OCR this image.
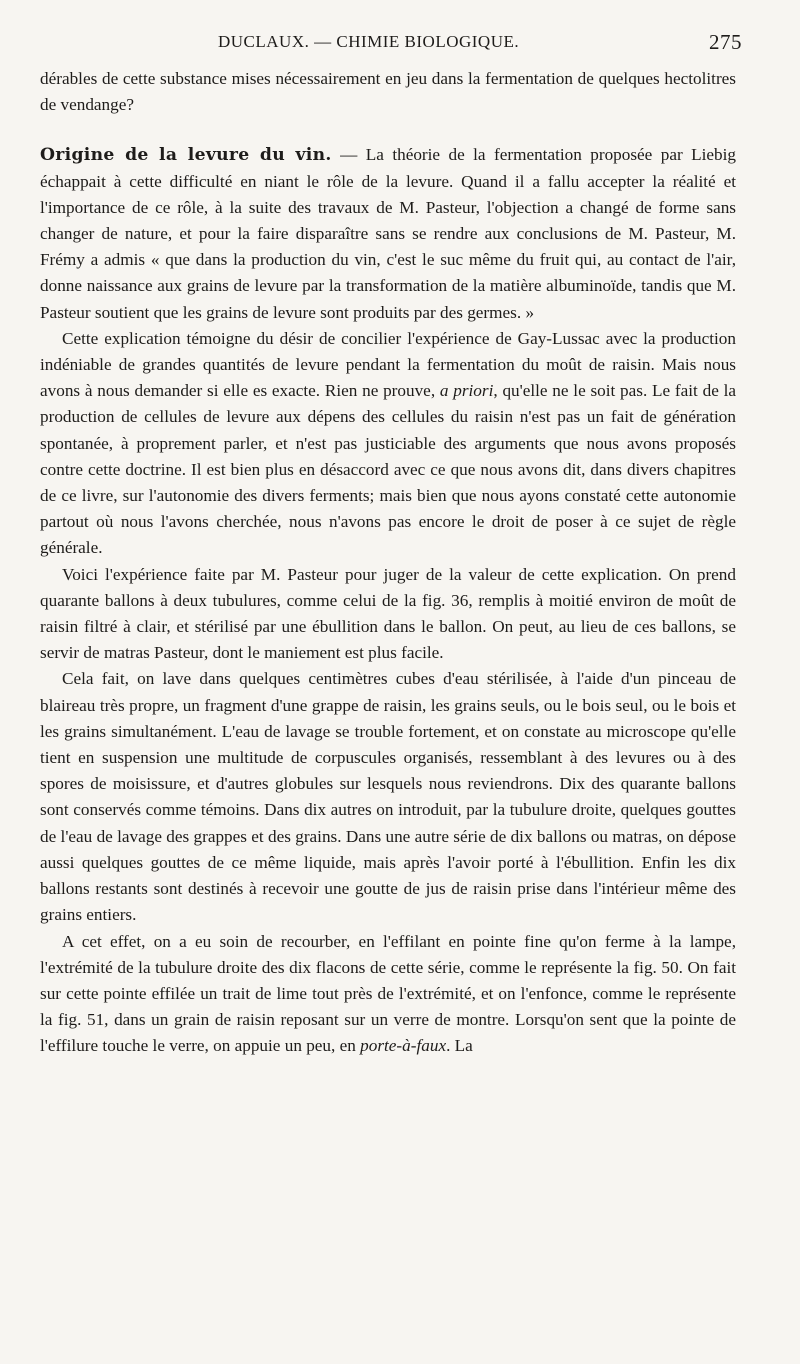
DUCLAUX. — CHIMIE BIOLOGIQUE.	275

dérables de cette substance mises nécessairement en jeu dans la fermentation de quelques hectolitres de vendange?

Origine de la levure du vin. — La théorie de la fermentation proposée par Liebig échappait à cette difficulté en niant le rôle de la levure. Quand il a fallu accepter la réalité et l'importance de ce rôle, à la suite des travaux de M. Pasteur, l'objection a changé de forme sans changer de nature, et pour la faire disparaître sans se rendre aux conclusions de M. Pasteur, M. Frémy a admis « que dans la production du vin, c'est le suc même du fruit qui, au contact de l'air, donne naissance aux grains de levure par la transformation de la matière albuminoïde, tandis que M. Pasteur soutient que les grains de levure sont produits par des germes. »

Cette explication témoigne du désir de concilier l'expérience de Gay-Lussac avec la production indéniable de grandes quantités de levure pendant la fermentation du moût de raisin. Mais nous avons à nous demander si elle es exacte. Rien ne prouve, a priori, qu'elle ne le soit pas. Le fait de la production de cellules de levure aux dépens des cellules du raisin n'est pas un fait de génération spontanée, à proprement parler, et n'est pas justiciable des arguments que nous avons proposés contre cette doctrine. Il est bien plus en désaccord avec ce que nous avons dit, dans divers chapitres de ce livre, sur l'autonomie des divers ferments; mais bien que nous ayons constaté cette autonomie partout où nous l'avons cherchée, nous n'avons pas encore le droit de poser à ce sujet de règle générale.

Voici l'expérience faite par M. Pasteur pour juger de la valeur de cette explication. On prend quarante ballons à deux tubulures, comme celui de la fig. 36, remplis à moitié environ de moût de raisin filtré à clair, et stérilisé par une ébullition dans le ballon. On peut, au lieu de ces ballons, se servir de matras Pasteur, dont le maniement est plus facile.

Cela fait, on lave dans quelques centimètres cubes d'eau stérilisée, à l'aide d'un pinceau de blaireau très propre, un fragment d'une grappe de raisin, les grains seuls, ou le bois seul, ou le bois et les grains simultanément. L'eau de lavage se trouble fortement, et on constate au microscope qu'elle tient en suspension une multitude de corpuscules organisés, ressemblant à des levures ou à des spores de moisissure, et d'autres globules sur lesquels nous reviendrons. Dix des quarante ballons sont conservés comme témoins. Dans dix autres on introduit, par la tubulure droite, quelques gouttes de l'eau de lavage des grappes et des grains. Dans une autre série de dix ballons ou matras, on dépose aussi quelques gouttes de ce même liquide, mais après l'avoir porté à l'ébullition. Enfin les dix ballons restants sont destinés à recevoir une goutte de jus de raisin prise dans l'intérieur même des grains entiers.

A cet effet, on a eu soin de recourber, en l'effilant en pointe fine qu'on ferme à la lampe, l'extrémité de la tubulure droite des dix flacons de cette série, comme le représente la fig. 50. On fait sur cette pointe effilée un trait de lime tout près de l'extrémité, et on l'enfonce, comme le représente la fig. 51, dans un grain de raisin reposant sur un verre de montre. Lorsqu'on sent que la pointe de l'effilure touche le verre, on appuie un peu, en porte-à-faux. La
